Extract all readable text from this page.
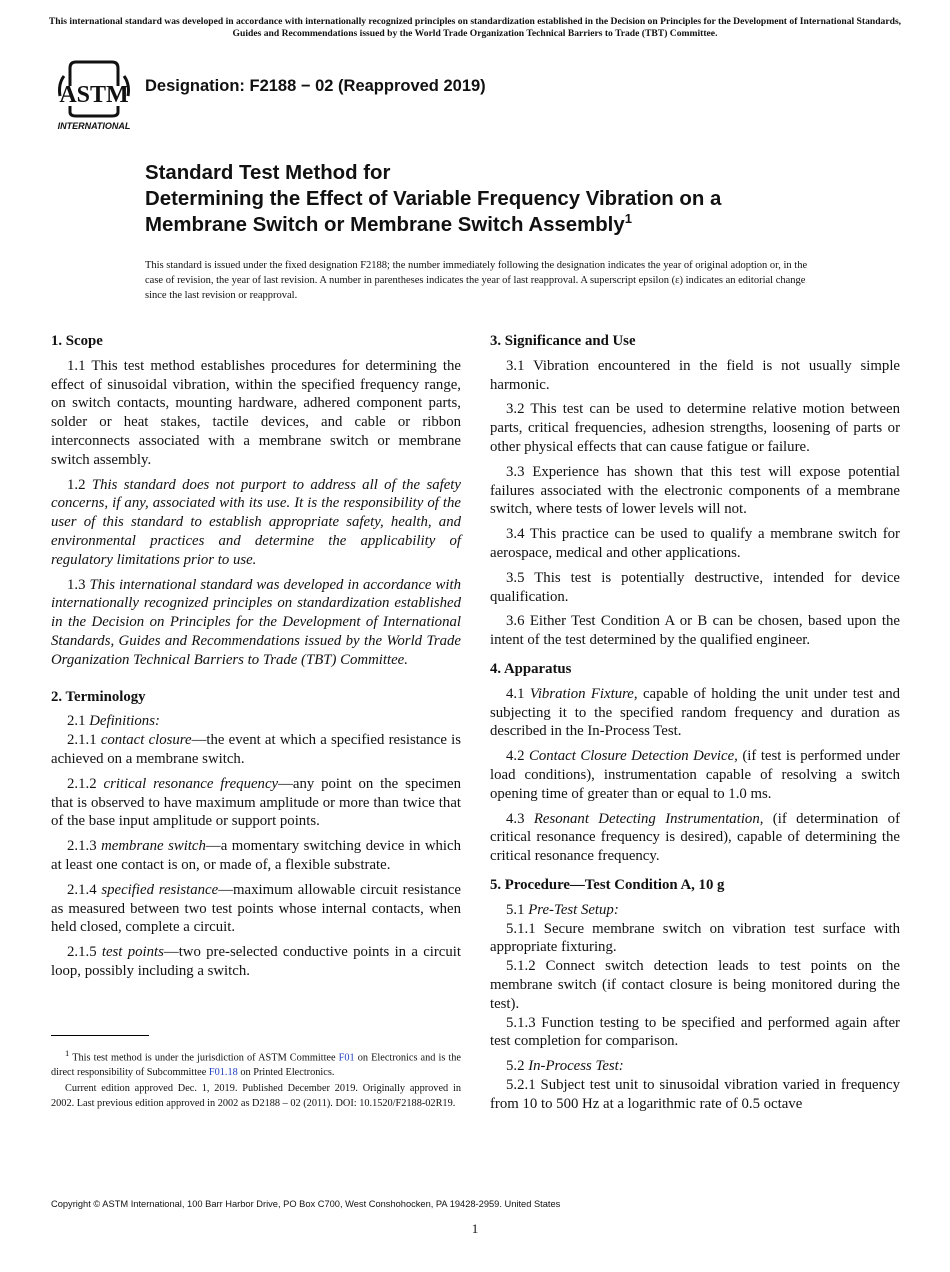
This international standard was developed in accordance with internationally recognized principles on standardization established in the Decision on Principles for the Development of International Standards, Guides and Recommendations issued by the World Trade Organization Technical Barriers to Trade (TBT) Committee.
ASTM
INTERNATIONAL
Designation: F2188 − 02 (Reapproved 2019)
Standard Test Method for
Determining the Effect of Variable Frequency Vibration on a
Membrane Switch or Membrane Switch Assembly$^1$
This standard is issued under the fixed designation F2188; the number immediately following the designation indicates the year of original adoption or, in the case of revision, the year of last revision. A number in parentheses indicates the year of last reapproval. A superscript epsilon (ε) indicates an editorial change since the last revision or reapproval.
1. Scope

1.1 This test method establishes procedures for determining the effect of sinusoidal vibration, within the specified frequency range, on switch contacts, mounting hardware, adhered component parts, solder or heat stakes, tactile devices, and cable or ribbon interconnects associated with a membrane switch or membrane switch assembly.

1.2 This standard does not purport to address all of the safety concerns, if any, associated with its use. It is the responsibility of the user of this standard to establish appropriate safety, health, and environmental practices and determine the applicability of regulatory limitations prior to use.

1.3 This international standard was developed in accordance with internationally recognized principles on standardization established in the Decision on Principles for the Development of International Standards, Guides and Recommendations issued by the World Trade Organization Technical Barriers to Trade (TBT) Committee.

2. Terminology

2.1 Definitions:

2.1.1 contact closure—the event at which a specified resistance is achieved on a membrane switch.

2.1.2 critical resonance frequency—any point on the specimen that is observed to have maximum amplitude or more than twice that of the base input amplitude or support points.

2.1.3 membrane switch—a momentary switching device in which at least one contact is on, or made of, a flexible substrate.

2.1.4 specified resistance—maximum allowable circuit resistance as measured between two test points whose internal contacts, when held closed, complete a circuit.

2.1.5 test points—two pre-selected conductive points in a circuit loop, possibly including a switch.

3. Significance and Use

3.1 Vibration encountered in the field is not usually simple harmonic.

3.2 This test can be used to determine relative motion between parts, critical frequencies, adhesion strengths, loosening of parts or other physical effects that can cause fatigue or failure.

3.3 Experience has shown that this test will expose potential failures associated with the electronic components of a membrane switch, where tests of lower levels will not.

3.4 This practice can be used to qualify a membrane switch for aerospace, medical and other applications.

3.5 This test is potentially destructive, intended for device qualification.

3.6 Either Test Condition A or B can be chosen, based upon the intent of the test determined by the qualified engineer.

4. Apparatus

4.1 Vibration Fixture, capable of holding the unit under test and subjecting it to the specified random frequency and duration as described in the In-Process Test.

4.2 Contact Closure Detection Device, (if test is performed under load conditions), instrumentation capable of resolving a switch opening time of greater than or equal to 1.0 ms.

4.3 Resonant Detecting Instrumentation, (if determination of critical resonance frequency is desired), capable of determining the critical resonance frequency.

5. Procedure—Test Condition A, 10 g

5.1 Pre-Test Setup:

5.1.1 Secure membrane switch on vibration test surface with appropriate fixturing.

5.1.2 Connect switch detection leads to test points on the membrane switch (if contact closure is being monitored during the test).

5.1.3 Function testing to be specified and performed again after test completion for comparison.

5.2 In-Process Test:

5.2.1 Subject test unit to sinusoidal vibration varied in frequency from 10 to 500 Hz at a logarithmic rate of 0.5 octave

$^1$ This test method is under the jurisdiction of ASTM Committee F01 on Electronics and is the direct responsibility of Subcommittee F01.18 on Printed Electronics.

Current edition approved Dec. 1, 2019. Published December 2019. Originally approved in 2002. Last previous edition approved in 2002 as D2188 – 02 (2011). DOI: 10.1520/F2188-02R19.

Copyright © ASTM International, 100 Barr Harbor Drive, PO Box C700, West Conshohocken, PA 19428-2959. United States
1
